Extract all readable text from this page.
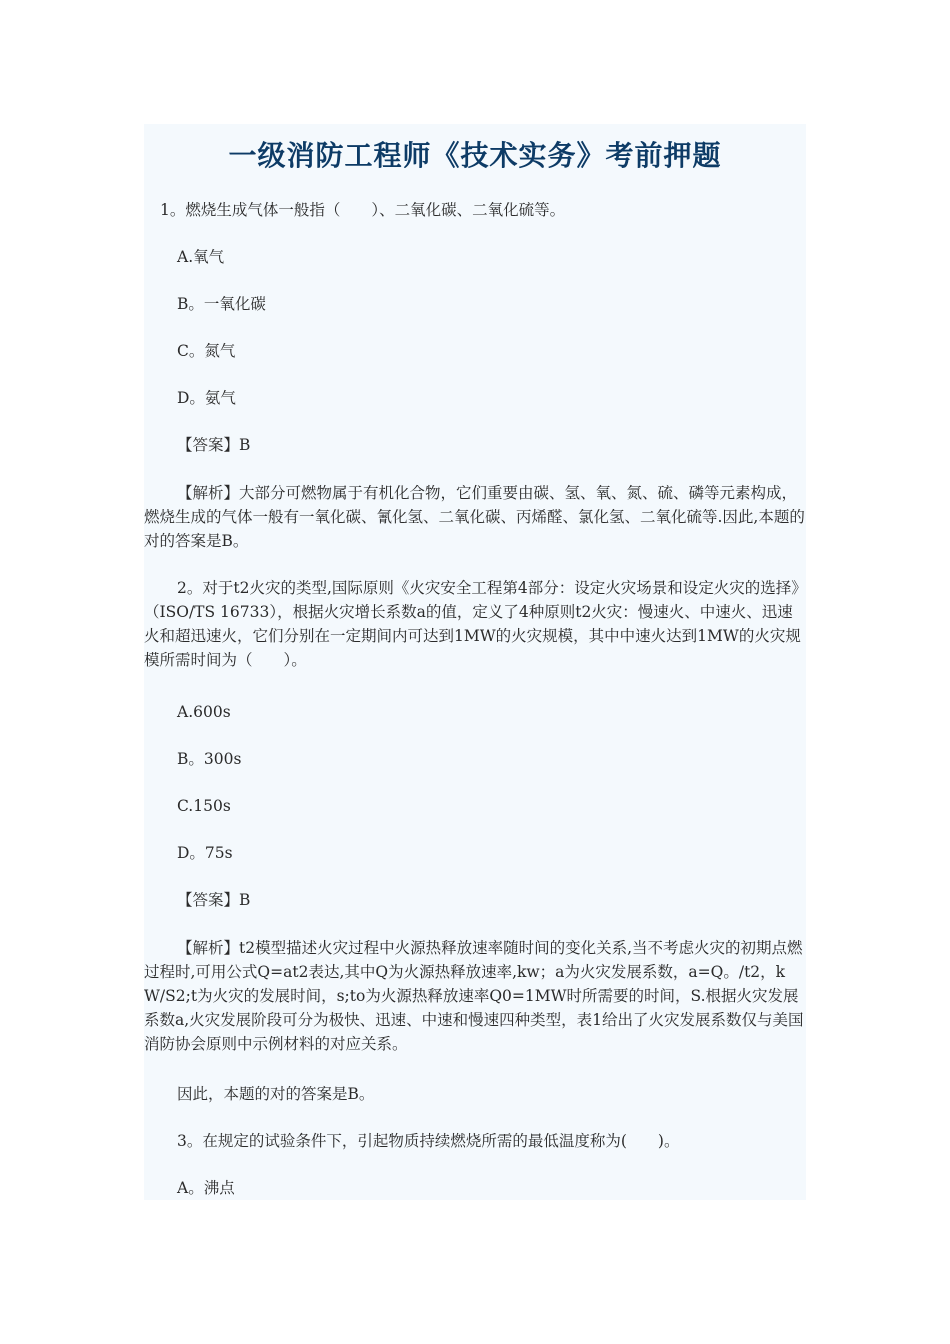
一级消防工程师《技术实务》考前押题

1。燃烧生成气体一般指（　　）、二氧化碳、二氧化硫等。

A.氧气

B。一氧化碳

C。氮气

D。氨气

【答案】B

【解析】大部分可燃物属于有机化合物，它们重要由碳、氢、氧、氮、硫、磷等元素构成，燃烧生成的气体一般有一氧化碳、氰化氢、二氧化碳、丙烯醛、氯化氢、二氧化硫等.因此,本题的对的答案是B。

2。对于t2火灾的类型,国际原则《火灾安全工程第4部分：设定火灾场景和设定火灾的选择》（ISO/TS 16733），根据火灾增长系数a的值，定义了4种原则t2火灾：慢速火、中速火、迅速火和超迅速火，它们分别在一定期间内可达到1MW的火灾规模，其中中速火达到1MW的火灾规模所需时间为（　　）。

A.600s

B。300s

C.150s

D。75s

【答案】B

【解析】t2模型描述火灾过程中火源热释放速率随时间的变化关系,当不考虑火灾的初期点燃过程时,可用公式Q=at2表达,其中Q为火源热释放速率,kw；a为火灾发展系数，a=Q。/t2，kW/S2;t为火灾的发展时间，s;to为火源热释放速率Q0=1MW时所需要的时间，S.根据火灾发展系数a,火灾发展阶段可分为极快、迅速、中速和慢速四种类型，表1给出了火灾发展系数仅与美国消防协会原则中示例材料的对应关系。

因此，本题的对的答案是B。

3。在规定的试验条件下，引起物质持续燃烧所需的最低温度称为(　　)。

A。沸点
